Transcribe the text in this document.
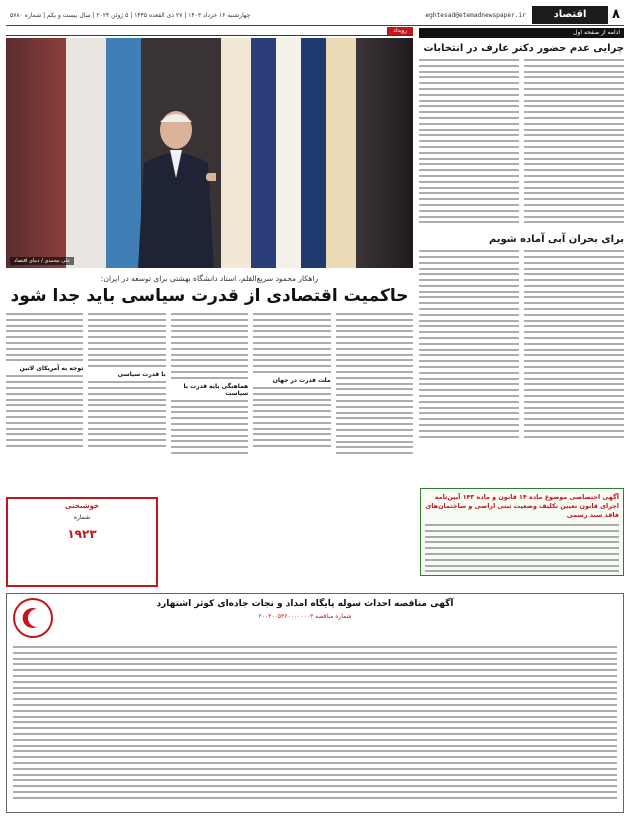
۸
اقتصاد
eghtesad@etemadnewspaper.ir
چهارشنبه ۱۶ خرداد ۱۴۰۳ | ۲۷ ذی القعده ۱۴۴۵ | ۵ ژوئن ۲۰۲۴ | سال بیست و یکم | شماره ۵۷۸۰
ادامه از صفحه اول
چرایی عدم حضور دکتر عارف در انتخابات
برای بحران آبی آماده شویم
رویداد
علی محمدی / دنیای اقتصاد
راهکار محمود سریع‌القلم، استاد دانشگاه بهشتی برای توسعه در ایران:
حاکمیت اقتصادی از قدرت سیاسی باید جدا شود
ملت قدرت در جهان
هماهنگی پایه قدرت با سیاست
با قدرت سیاسی
توجه به آمریکای لاتین
خوشبختی
شماره
۱۹۲۳
آگهی اختصاصی موضوع ماده ۱۴ قانون و ماده ۱۴۳ آیین‌نامه اجرای قانون تعیین تکلیف وضعیت ثبتی اراضی و ساختمان‌های فاقد سند رسمی
آگهی مناقصه احداث سوله پایگاه امداد و نجات جاده‌ای کوثر اشتهارد
شماره مناقصه ۲۰۰۳۰۰۵۳۶۰۰۰۰۰۰۰۳
